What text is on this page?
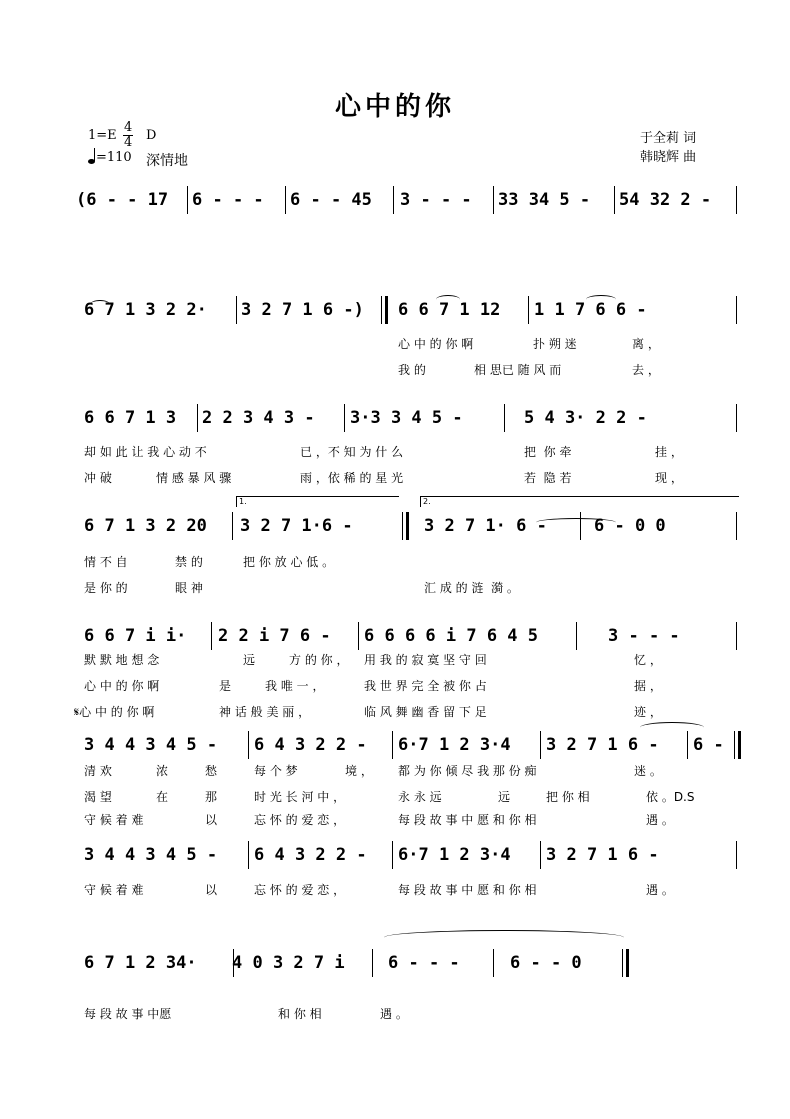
心中的你
1=E
4
4 D
=110 深情地
于全莉 词
韩晓辉 曲
(6 - - 17 6 - - - 6 - - 45 3 - - - 33 34 5 - 54 32 2 -
6 7 1 3 2 2· 3 2 7 1 6 -) 6 6 7 1 12 1 1 7 6 6 -
心 中 的 你 啊	扑 朔 迷	离 ，
我 的	相 思已 随 风 而	去 ，
6 6 7 1 3 2 2 3 4 3 - 3·3 3 4 5 -	5 4 3· 2 2 -
却 如 此 让 我 心 动 不	已 ，不 知 为 什 么	把  你 牵	挂 ，
冲 破	情 感 暴 风 骤	雨 ，依 稀 的 星 光	若  隐 若	现 ，
1.	2.
6 7 1 3 2 20 3 2 7 1·6 -	3 2 7 1· 6 -	6 - 0 0
情 不 自	禁 的	把 你 放 心 低 。
是 你 的	眼 神	汇 成 的 涟  漪 。
6 6 7 i i· 2 2 i 7 6 - 6 6 6 6 i 7 6 4 5	3 - - -
默 默 地 想 念	远	方 的 你 ， 用 我 的 寂 寞 坚 守 回	忆 ，
心 中 的 你 啊	是	我 唯 一 ，	我 世 界 完 全 被 你 占	据 ，
𝄋心 中 的 你 啊	神 话 般 美 丽 ，	临 风 舞 幽 香 留 下 足	迹 ，
3 4 4 3 4 5 - 6 4 3 2 2 - 6·7 1 2 3·4 3 2 7 1 6 - 6 -
清 欢	浓	愁	每 个 梦	境 ， 都 为 你 倾 尽 我 那 份 痴	迷 。
渴 望	在	那	时 光 长 河 中 ，	永 永 远	远	把 你 相	依 。D.S
守 候 着 难	以	忘 怀 的 爱 恋 ，	每 段 故 事 中 愿 和 你 相	遇 。
3 4 4 3 4 5 - 6 4 3 2 2 - 6·7 1 2 3·4 3 2 7 1 6 -
守 候 着 难	以	忘 怀 的 爱 恋 ，	每 段 故 事 中 愿 和 你 相	遇 。
6 7 1 2 34· 4 0 3 2 7 i	6 - - -	6 - - 0
每 段 故 事 中愿	和 你 相	遇 。
